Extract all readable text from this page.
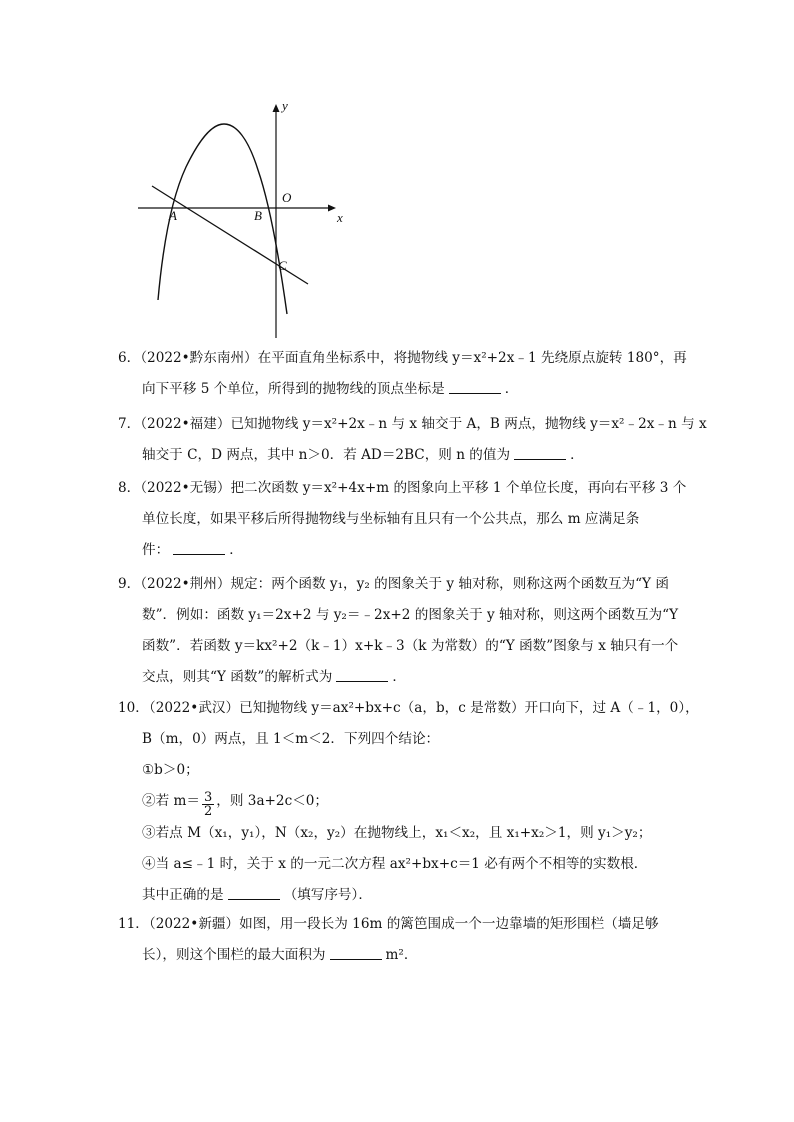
y
x
O
A	B
C
6．（2022•黔东南州）在平面直角坐标系中，将抛物线 y＝x²+2x﹣1 先绕原点旋转 180°，再
向下平移 5 个单位，所得到的抛物线的顶点坐标是	．
7．（2022•福建）已知抛物线 y＝x²+2x﹣n 与 x 轴交于 A，B 两点，抛物线 y＝x²﹣2x﹣n 与 x
轴交于 C，D 两点，其中 n＞0．若 AD＝2BC，则 n 的值为	．
8．（2022•无锡）把二次函数 y＝x²+4x+m 的图象向上平移 1 个单位长度，再向右平移 3 个
单位长度，如果平移后所得抛物线与坐标轴有且只有一个公共点，那么 m 应满足条
件：	．
9．（2022•荆州）规定：两个函数 y₁，y₂ 的图象关于 y 轴对称，则称这两个函数互为“Y 函
数”．例如：函数 y₁＝2x+2 与 y₂＝﹣2x+2 的图象关于 y 轴对称，则这两个函数互为“Y
函数”．若函数 y＝kx²+2（k﹣1）x+k﹣3（k 为常数）的“Y 函数”图象与 x 轴只有一个
交点，则其“Y 函数”的解析式为	．
10．（2022•武汉）已知抛物线 y＝ax²+bx+c（a，b，c 是常数）开口向下，过 A（﹣1，0），
B（m，0）两点，且 1＜m＜2．下列四个结论：
①b＞0；
②若 $m= \frac{3}{2}$ ，则 3a+2c＜0；
③若点 M（x₁，y₁），N（x₂，y₂）在抛物线上，x₁＜x₂，且 x₁+x₂＞1，则 y₁＞y₂；
④当 a≤﹣1 时，关于 x 的一元二次方程 ax²+bx+c＝1 必有两个不相等的实数根．
其中正确的是	（填写序号）．
11．（2022•新疆）如图，用一段长为 16m 的篱笆围成一个一边靠墙的矩形围栏（墙足够
长），则这个围栏的最大面积为	m²．
